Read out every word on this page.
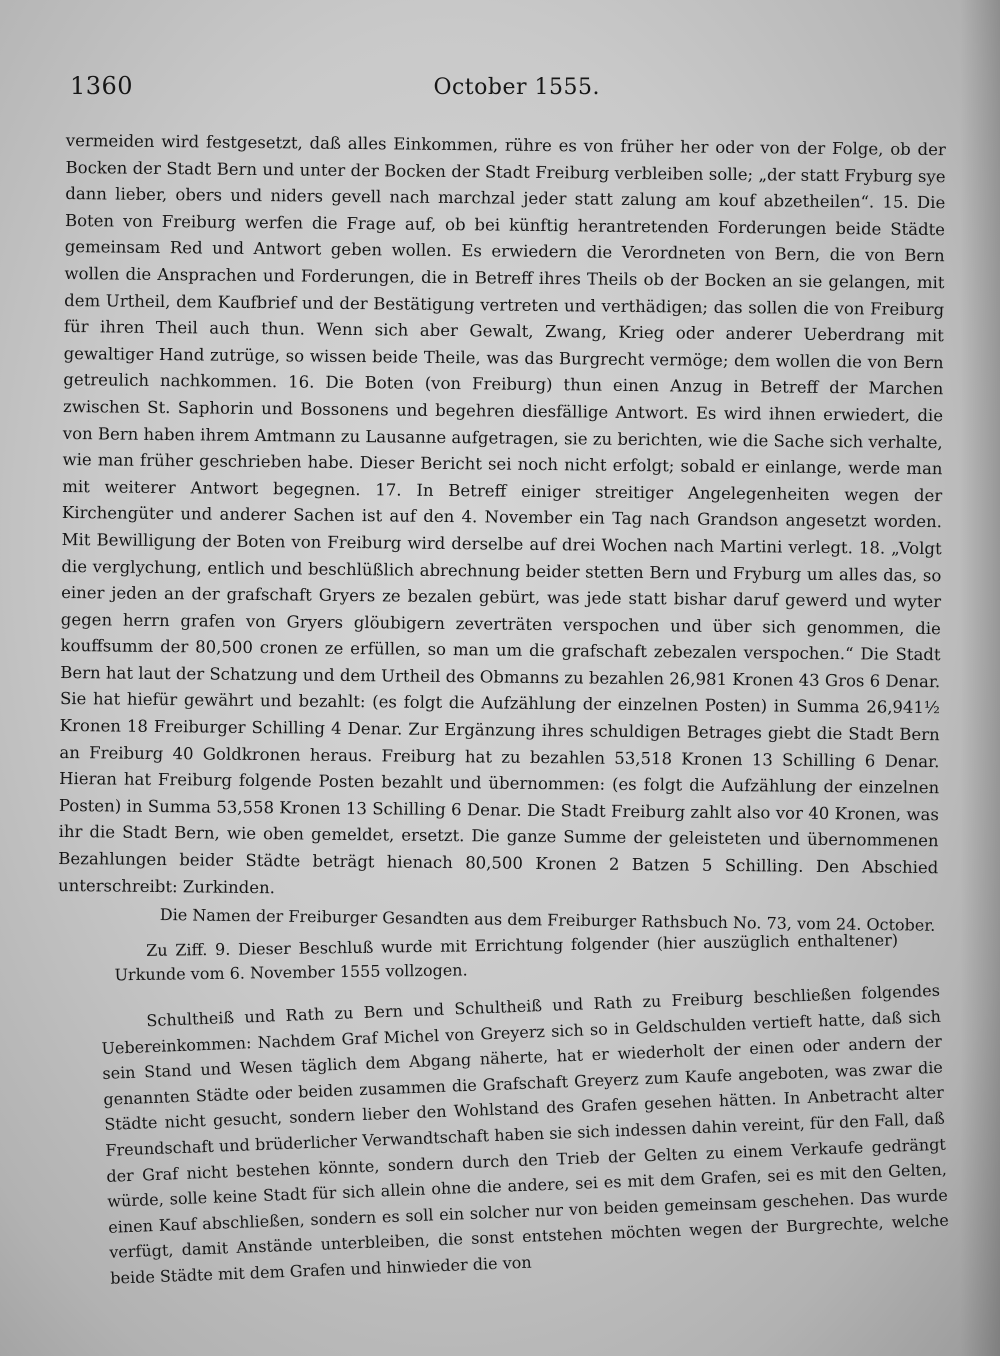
1360	October 1555.
vermeiden wird festgesetzt, daß alles Einkommen, rühre es von früher her oder von der Folge, ob der Bocken der Stadt Bern und unter der Bocken der Stadt Freiburg verbleiben solle; „der statt Fryburg sye dann lieber, obers und niders gevell nach marchzal jeder statt zalung am kouf abzetheilen“. 15. Die Boten von Freiburg werfen die Frage auf, ob bei künftig herantretenden Forderungen beide Städte gemeinsam Red und Antwort geben wollen. Es erwiedern die Verordneten von Bern, die von Bern wollen die Ansprachen und Forderungen, die in Betreff ihres Theils ob der Bocken an sie gelangen, mit dem Urtheil, dem Kaufbrief und der Bestätigung vertreten und verthädigen; das sollen die von Freiburg für ihren Theil auch thun. Wenn sich aber Gewalt, Zwang, Krieg oder anderer Ueberdrang mit gewaltiger Hand zutrüge, so wissen beide Theile, was das Burgrecht vermöge; dem wollen die von Bern getreulich nachkommen. 16. Die Boten (von Freiburg) thun einen Anzug in Betreff der Marchen zwischen St. Saphorin und Bossonens und begehren diesfällige Antwort. Es wird ihnen erwiedert, die von Bern haben ihrem Amtmann zu Lausanne aufgetragen, sie zu berichten, wie die Sache sich verhalte, wie man früher geschrieben habe. Dieser Bericht sei noch nicht erfolgt; sobald er einlange, werde man mit weiterer Antwort begegnen. 17. In Betreff einiger streitiger Angelegenheiten wegen der Kirchengüter und anderer Sachen ist auf den 4. November ein Tag nach Grandson angesetzt worden. Mit Bewilligung der Boten von Freiburg wird derselbe auf drei Wochen nach Martini verlegt. 18. „Volgt die verglychung, entlich und beschlüßlich abrechnung beider stetten Bern und Fryburg um alles das, so einer jeden an der grafschaft Gryers ze bezalen gebürt, was jede statt bishar daruf gewerd und wyter gegen herrn grafen von Gryers glöubigern zeverträten verspochen und über sich genommen, die kouffsumm der 80,500 cronen ze erfüllen, so man um die grafschaft zebezalen verspochen.“ Die Stadt Bern hat laut der Schatzung und dem Urtheil des Obmanns zu bezahlen 26,981 Kronen 43 Gros 6 Denar. Sie hat hiefür gewährt und bezahlt: (es folgt die Aufzählung der einzelnen Posten) in Summa 26,941½ Kronen 18 Freiburger Schilling 4 Denar. Zur Ergänzung ihres schuldigen Betrages giebt die Stadt Bern an Freiburg 40 Goldkronen heraus. Freiburg hat zu bezahlen 53,518 Kronen 13 Schilling 6 Denar. Hieran hat Freiburg folgende Posten bezahlt und übernommen: (es folgt die Aufzählung der einzelnen Posten) in Summa 53,558 Kronen 13 Schilling 6 Denar. Die Stadt Freiburg zahlt also vor 40 Kronen, was ihr die Stadt Bern, wie oben gemeldet, ersetzt. Die ganze Summe der geleisteten und übernommenen Bezahlungen beider Städte beträgt hienach 80,500 Kronen 2 Batzen 5 Schilling. Den Abschied unterschreibt: Zurkinden.
Die Namen der Freiburger Gesandten aus dem Freiburger Rathsbuch No. 73, vom 24. October.
Zu Ziff. 9. Dieser Beschluß wurde mit Errichtung folgender (hier auszüglich enthaltener) Urkunde vom 6. November 1555 vollzogen.
Schultheiß und Rath zu Bern und Schultheiß und Rath zu Freiburg beschließen folgendes Uebereinkommen: Nachdem Graf Michel von Greyerz sich so in Geldschulden vertieft hatte, daß sich sein Stand und Wesen täglich dem Abgang näherte, hat er wiederholt der einen oder andern der genannten Städte oder beiden zusammen die Grafschaft Greyerz zum Kaufe angeboten, was zwar die Städte nicht gesucht, sondern lieber den Wohlstand des Grafen gesehen hätten. In Anbetracht alter Freundschaft und brüderlicher Verwandtschaft haben sie sich indessen dahin vereint, für den Fall, daß der Graf nicht bestehen könnte, sondern durch den Trieb der Gelten zu einem Verkaufe gedrängt würde, solle keine Stadt für sich allein ohne die andere, sei es mit dem Grafen, sei es mit den Gelten, einen Kauf abschließen, sondern es soll ein solcher nur von beiden gemeinsam geschehen. Das wurde verfügt, damit Anstände unterbleiben, die sonst entstehen möchten wegen der Burgrechte, welche beide Städte mit dem Grafen und hinwieder die von
